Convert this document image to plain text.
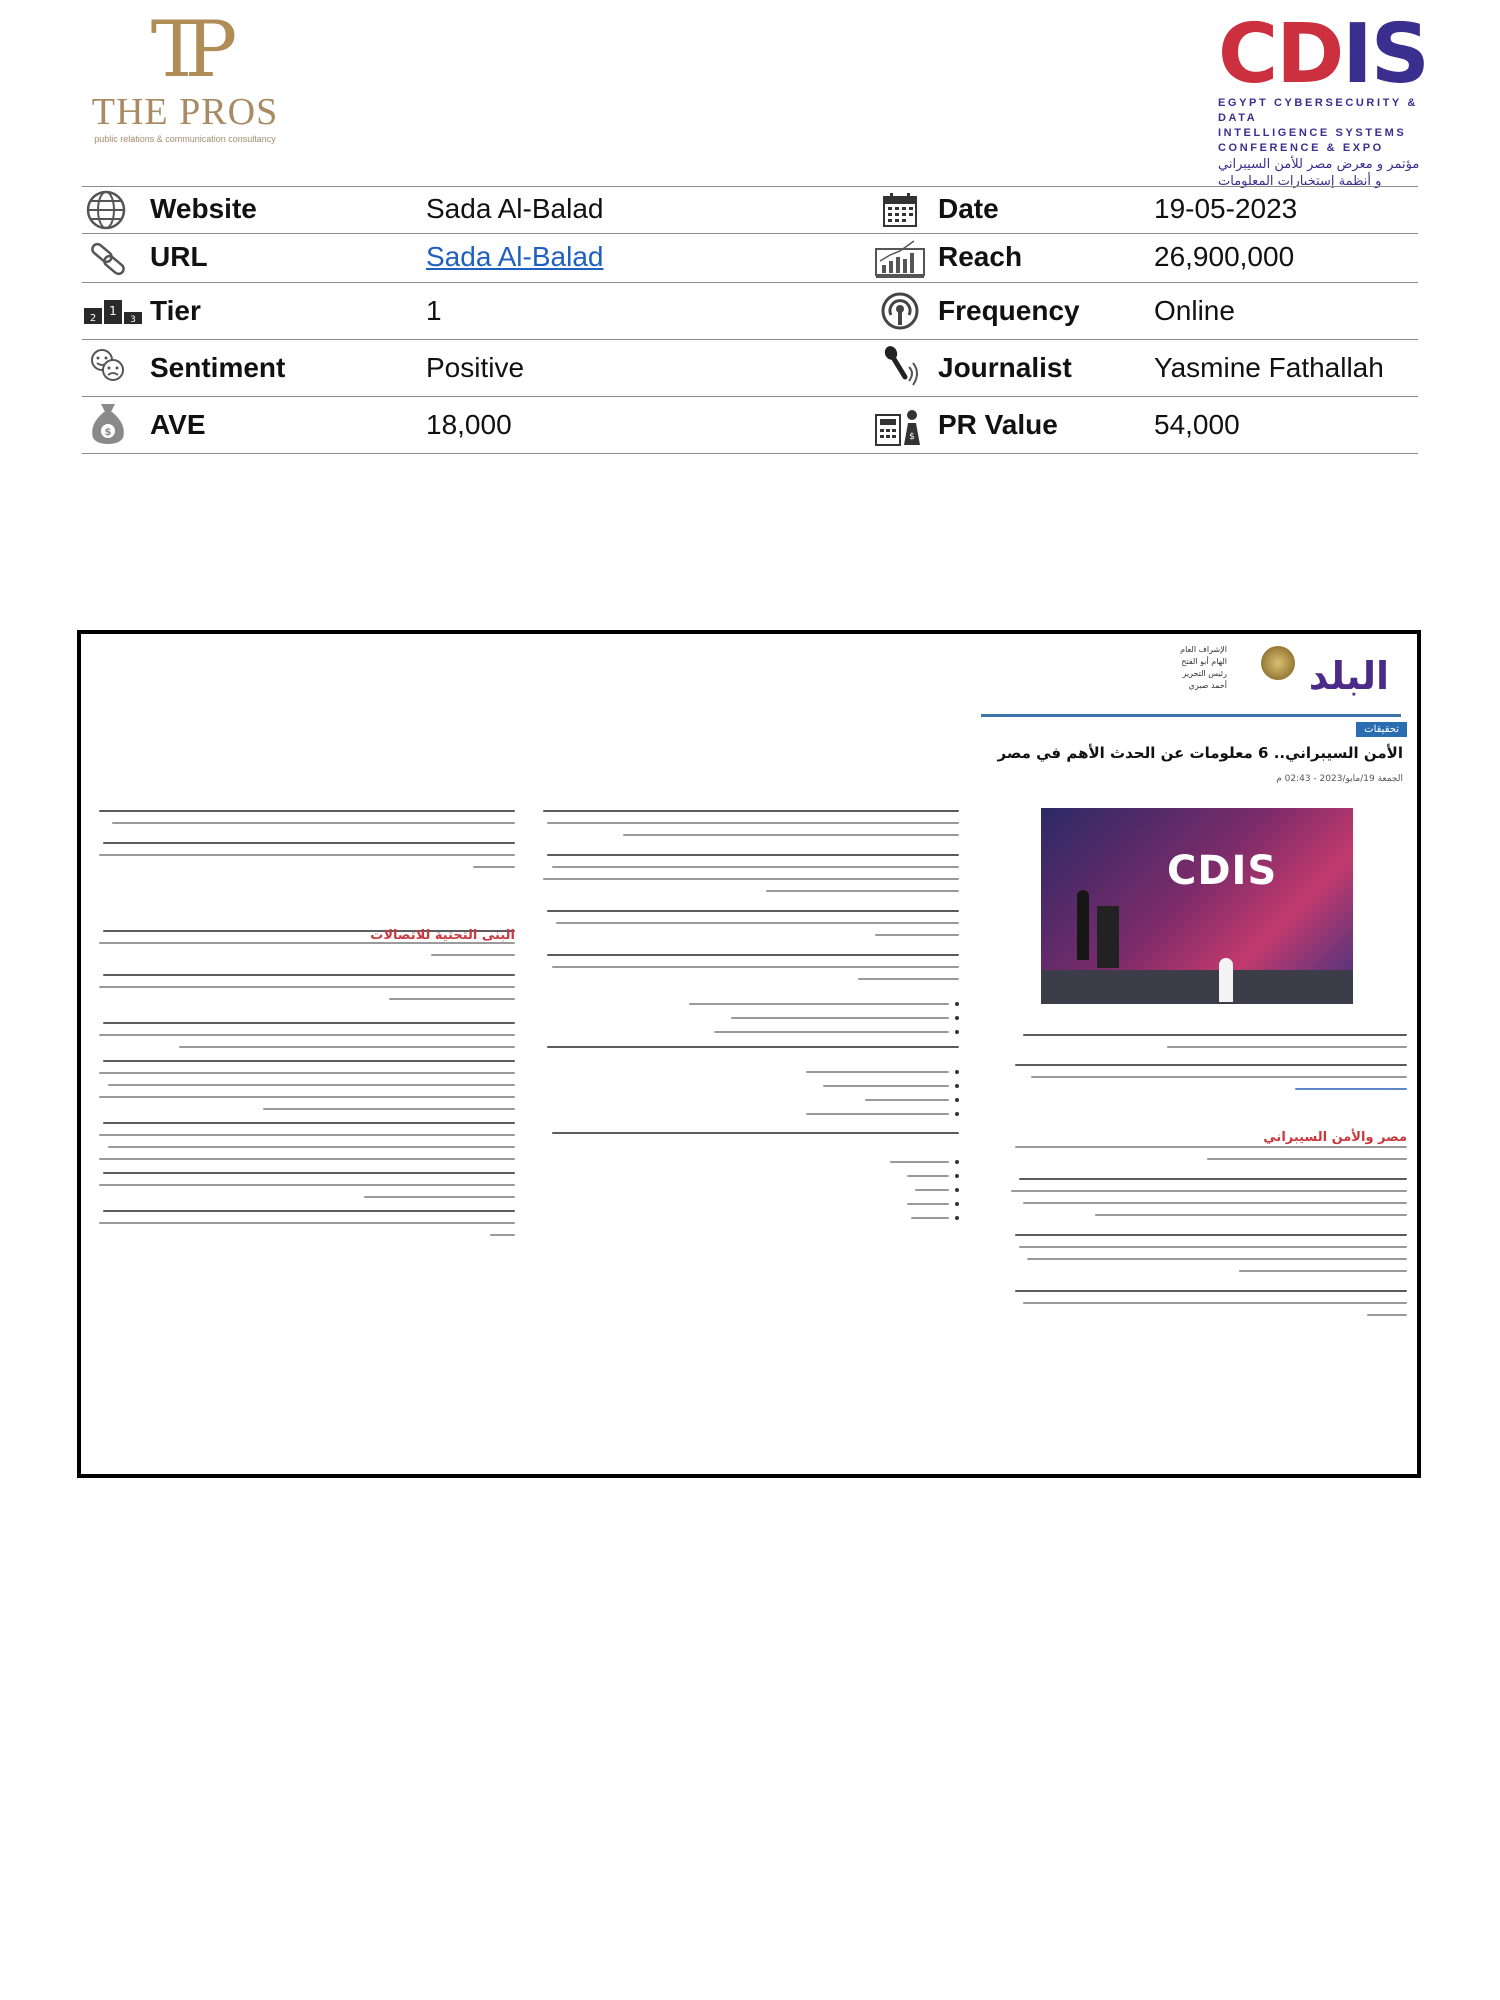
TP
THE PROS
public relations & communication consultancy
CDIS
EGYPT CYBERSECURITY & DATA
INTELLIGENCE SYSTEMS
CONFERENCE & EXPO
مؤتمر و معرض مصر للأمن السيبراني
و أنظمة إستخبارات المعلومات
Website	Sada Al-Balad	Date	19-05-2023
URL	Sada Al-Balad	Reach	26,900,000
2
1
3 Tier	1	Frequency	Online
Sentiment	Positive	Journalist	Yasmine Fathallah
$ AVE	18,000	$ PR Value	54,000
الإشراف العام
الهام أبو الفتح
رئيس التحرير
أحمد صبري البلد
تحقيقات
الأمن السيبراني.. 6 معلومات عن الحدث الأهم في مصر
الجمعة 19/مايو/2023 - 02:43 م
CDIS
مصر والأمن السيبراني
البنى التحتية للاتصالات
